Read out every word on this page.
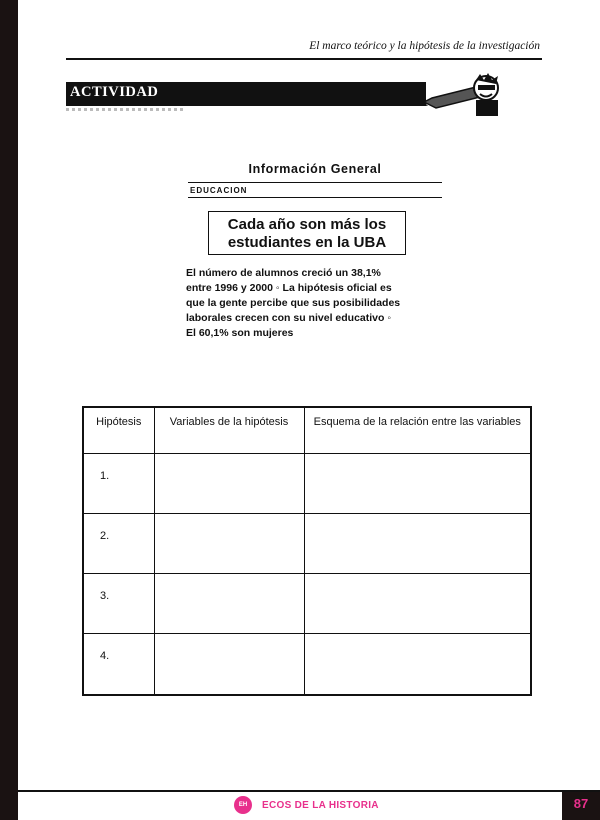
El marco teórico y la hipótesis de la investigación
ACTIVIDAD
Información General
EDUCACION
Cada año son más los
estudiantes en la UBA
El número de alumnos creció un 38,1%
entre 1996 y 2000 ◦ La hipótesis oficial es
que la gente percibe que sus posibilidades
laborales crecen con su nivel educativo ◦
El 60,1% son mujeres
Hipótesis	Variables de la hipótesis	Esquema de la relación entre las variables
1.		
2.		
3.		
4.		
EH	ECOS DE LA HISTORIA	87
